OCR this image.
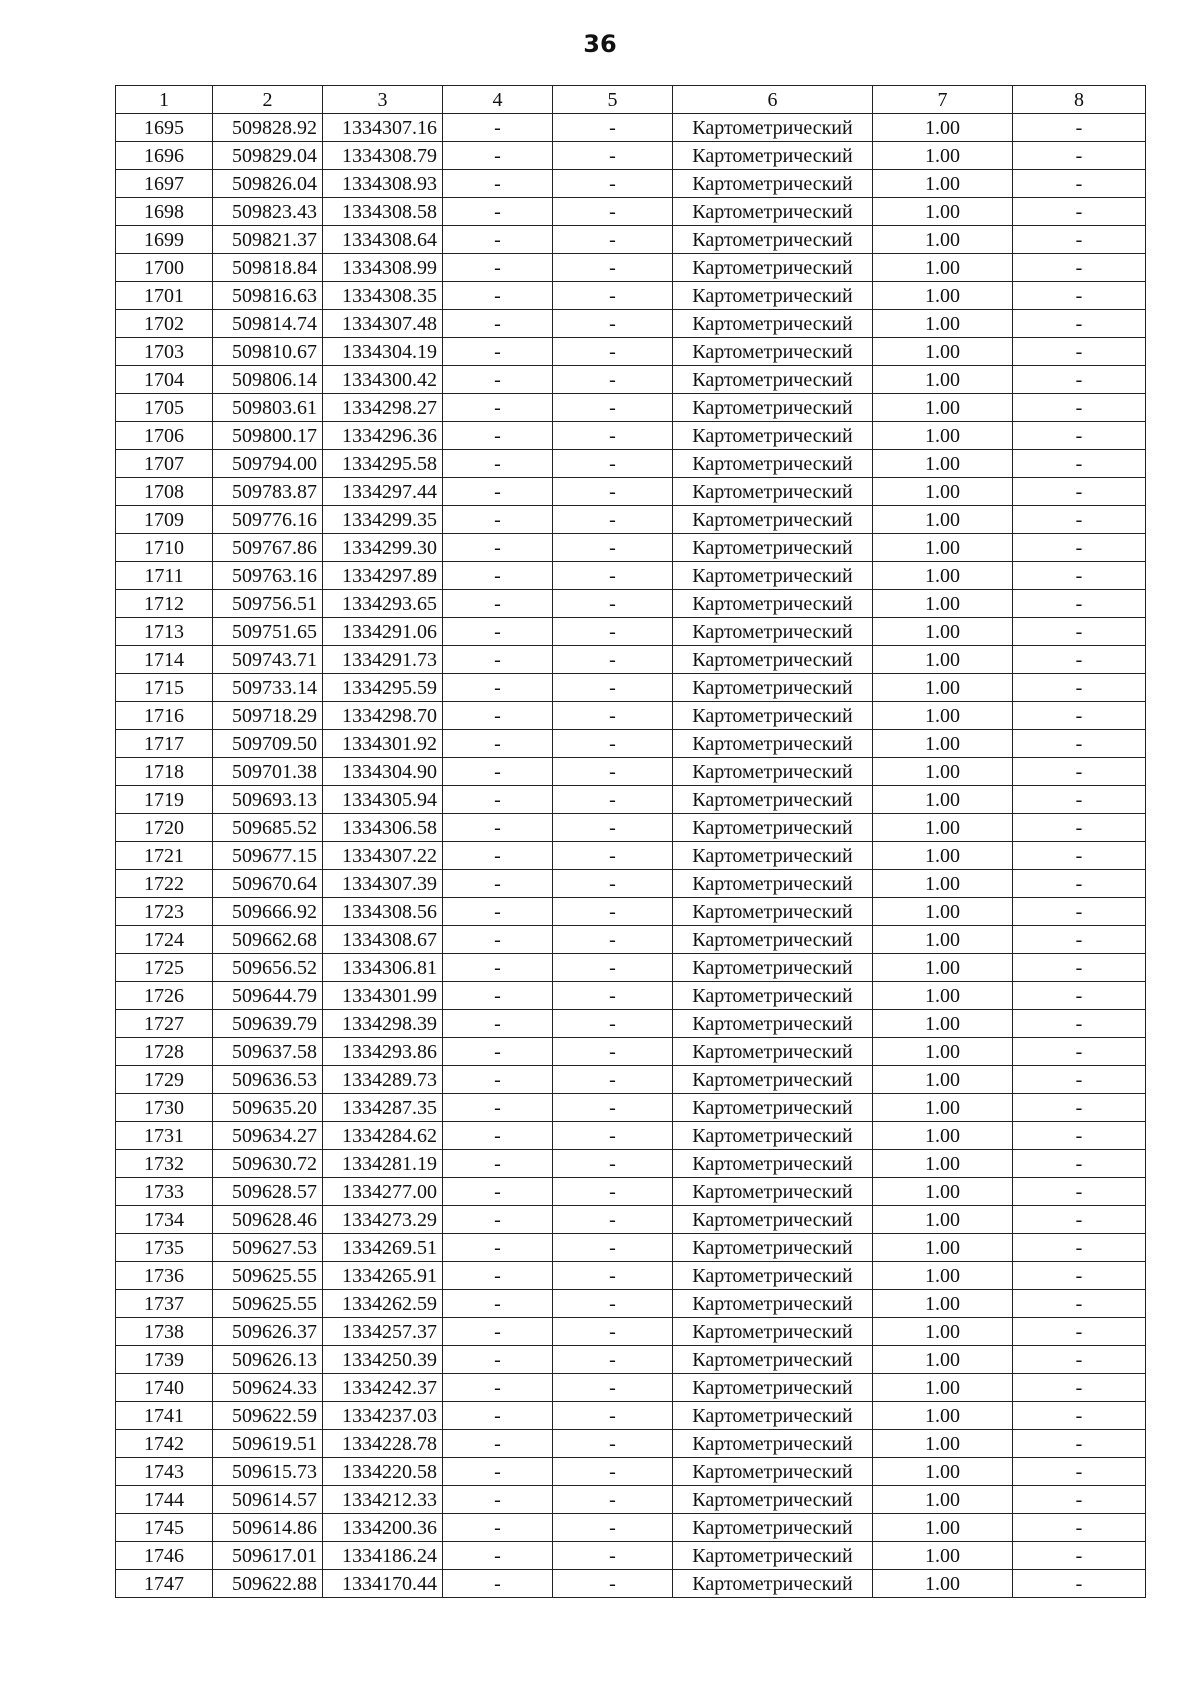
36
1	2	3	4	5	6	7	8
1695	509828.92	1334307.16	-	-	Картометрический	1.00	-
1696	509829.04	1334308.79	-	-	Картометрический	1.00	-
1697	509826.04	1334308.93	-	-	Картометрический	1.00	-
1698	509823.43	1334308.58	-	-	Картометрический	1.00	-
1699	509821.37	1334308.64	-	-	Картометрический	1.00	-
1700	509818.84	1334308.99	-	-	Картометрический	1.00	-
1701	509816.63	1334308.35	-	-	Картометрический	1.00	-
1702	509814.74	1334307.48	-	-	Картометрический	1.00	-
1703	509810.67	1334304.19	-	-	Картометрический	1.00	-
1704	509806.14	1334300.42	-	-	Картометрический	1.00	-
1705	509803.61	1334298.27	-	-	Картометрический	1.00	-
1706	509800.17	1334296.36	-	-	Картометрический	1.00	-
1707	509794.00	1334295.58	-	-	Картометрический	1.00	-
1708	509783.87	1334297.44	-	-	Картометрический	1.00	-
1709	509776.16	1334299.35	-	-	Картометрический	1.00	-
1710	509767.86	1334299.30	-	-	Картометрический	1.00	-
1711	509763.16	1334297.89	-	-	Картометрический	1.00	-
1712	509756.51	1334293.65	-	-	Картометрический	1.00	-
1713	509751.65	1334291.06	-	-	Картометрический	1.00	-
1714	509743.71	1334291.73	-	-	Картометрический	1.00	-
1715	509733.14	1334295.59	-	-	Картометрический	1.00	-
1716	509718.29	1334298.70	-	-	Картометрический	1.00	-
1717	509709.50	1334301.92	-	-	Картометрический	1.00	-
1718	509701.38	1334304.90	-	-	Картометрический	1.00	-
1719	509693.13	1334305.94	-	-	Картометрический	1.00	-
1720	509685.52	1334306.58	-	-	Картометрический	1.00	-
1721	509677.15	1334307.22	-	-	Картометрический	1.00	-
1722	509670.64	1334307.39	-	-	Картометрический	1.00	-
1723	509666.92	1334308.56	-	-	Картометрический	1.00	-
1724	509662.68	1334308.67	-	-	Картометрический	1.00	-
1725	509656.52	1334306.81	-	-	Картометрический	1.00	-
1726	509644.79	1334301.99	-	-	Картометрический	1.00	-
1727	509639.79	1334298.39	-	-	Картометрический	1.00	-
1728	509637.58	1334293.86	-	-	Картометрический	1.00	-
1729	509636.53	1334289.73	-	-	Картометрический	1.00	-
1730	509635.20	1334287.35	-	-	Картометрический	1.00	-
1731	509634.27	1334284.62	-	-	Картометрический	1.00	-
1732	509630.72	1334281.19	-	-	Картометрический	1.00	-
1733	509628.57	1334277.00	-	-	Картометрический	1.00	-
1734	509628.46	1334273.29	-	-	Картометрический	1.00	-
1735	509627.53	1334269.51	-	-	Картометрический	1.00	-
1736	509625.55	1334265.91	-	-	Картометрический	1.00	-
1737	509625.55	1334262.59	-	-	Картометрический	1.00	-
1738	509626.37	1334257.37	-	-	Картометрический	1.00	-
1739	509626.13	1334250.39	-	-	Картометрический	1.00	-
1740	509624.33	1334242.37	-	-	Картометрический	1.00	-
1741	509622.59	1334237.03	-	-	Картометрический	1.00	-
1742	509619.51	1334228.78	-	-	Картометрический	1.00	-
1743	509615.73	1334220.58	-	-	Картометрический	1.00	-
1744	509614.57	1334212.33	-	-	Картометрический	1.00	-
1745	509614.86	1334200.36	-	-	Картометрический	1.00	-
1746	509617.01	1334186.24	-	-	Картометрический	1.00	-
1747	509622.88	1334170.44	-	-	Картометрический	1.00	-
